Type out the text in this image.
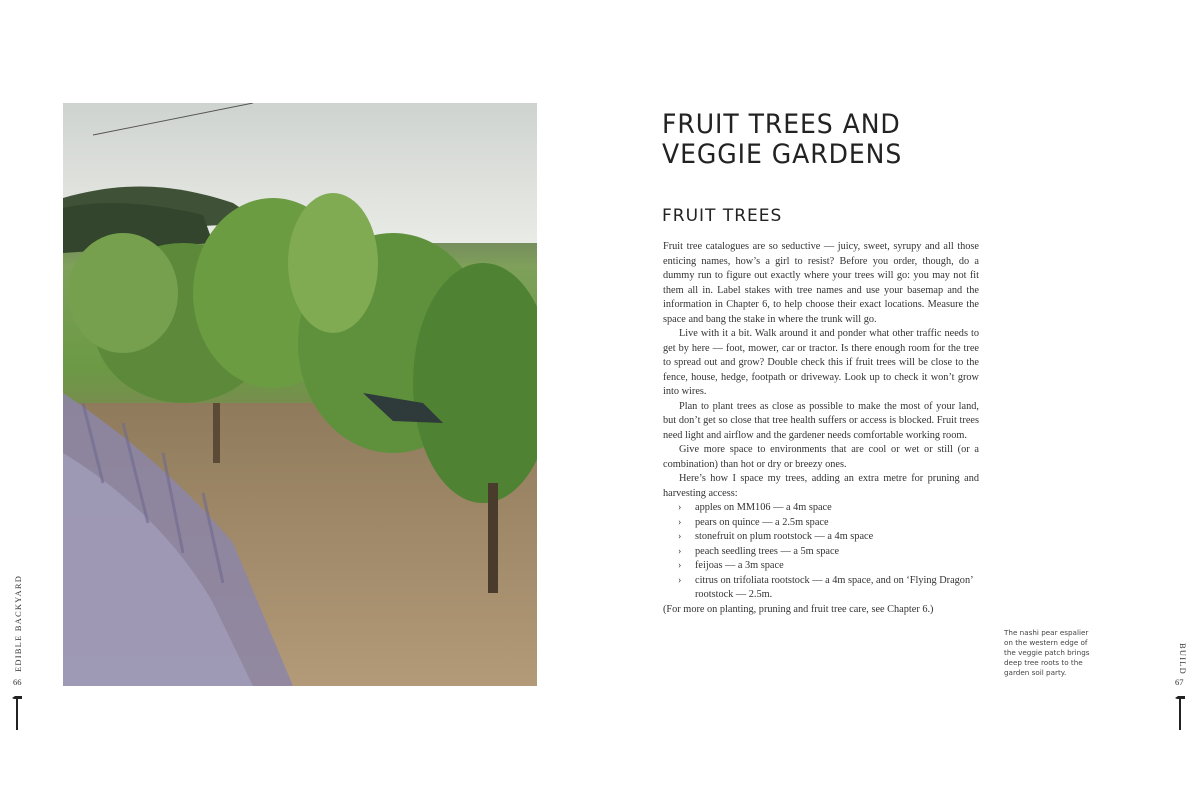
FRUIT TREES AND VEGGIE GARDENS
FRUIT TREES

Fruit tree catalogues are so seductive — juicy, sweet, syrupy and all those enticing names, how’s a girl to resist? Before you order, though, do a dummy run to figure out exactly where your trees will go: you may not fit them all in. Label stakes with tree names and use your basemap and the information in Chapter 6, to help choose their exact locations. Measure the space and bang the stake in where the trunk will go.

Live with it a bit. Walk around it and ponder what other traffic needs to get by here — foot, mower, car or tractor. Is there enough room for the tree to spread out and grow? Double check this if fruit trees will be close to the fence, house, hedge, footpath or driveway. Look up to check it won’t grow into wires.

Plan to plant trees as close as possible to make the most of your land, but don’t get so close that tree health suffers or access is blocked. Fruit trees need light and airflow and the gardener needs comfortable working room.

Give more space to environments that are cool or wet or still (or a combination) than hot or dry or breezy ones.

Here’s how I space my trees, adding an extra metre for pruning and harvesting access:

› apples on MM106 — a 4m space
› pears on quince — a 2.5m space
› stonefruit on plum rootstock — a 4m space
› peach seedling trees — a 5m space
› feijoas — a 3m space
› citrus on trifoliata rootstock — a 4m space, and on ‘Flying Dragon’ rootstock — 2.5m.

(For more on planting, pruning and fruit tree care, see Chapter 6.)

The nashi pear espalier on the western edge of the veggie patch brings deep tree roots to the garden soil party.
EDIBLE BACKYARD
66
BUILD
67
